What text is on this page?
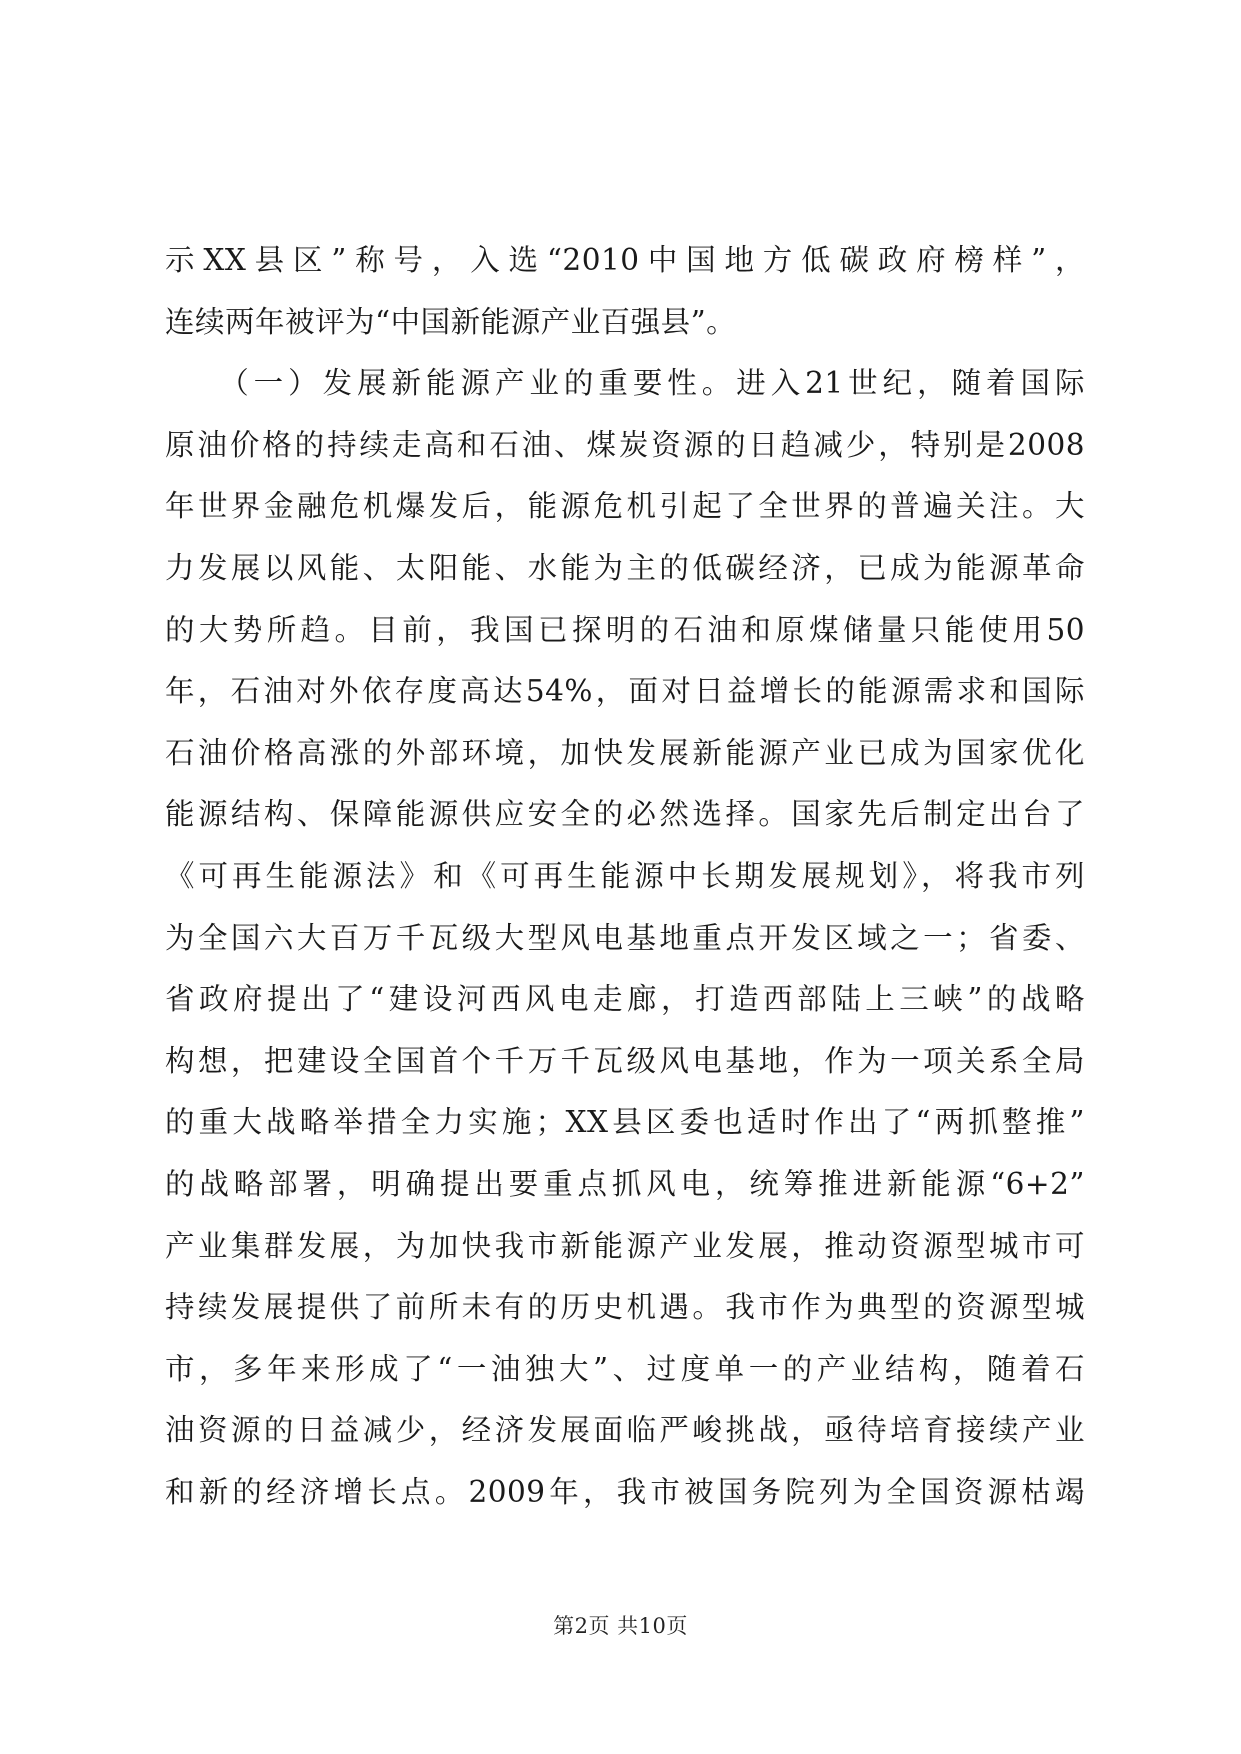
示XX县区”称号，入选“2010中国地方低碳政府榜样”，
连续两年被评为“中国新能源产业百强县”。
　　（一）发展新能源产业的重要性。进入21世纪，随着国际
原油价格的持续走高和石油、煤炭资源的日趋减少，特别是2008
年世界金融危机爆发后，能源危机引起了全世界的普遍关注。大
力发展以风能、太阳能、水能为主的低碳经济，已成为能源革命
的大势所趋。目前，我国已探明的石油和原煤储量只能使用50
年，石油对外依存度高达54%，面对日益增长的能源需求和国际
石油价格高涨的外部环境，加快发展新能源产业已成为国家优化
能源结构、保障能源供应安全的必然选择。国家先后制定出台了
《可再生能源法》和《可再生能源中长期发展规划》，将我市列
为全国六大百万千瓦级大型风电基地重点开发区域之一；省委、
省政府提出了“建设河西风电走廊，打造西部陆上三峡”的战略
构想，把建设全国首个千万千瓦级风电基地，作为一项关系全局
的重大战略举措全力实施；XX县区委也适时作出了“两抓整推”
的战略部署，明确提出要重点抓风电，统筹推进新能源“6+2”
产业集群发展，为加快我市新能源产业发展，推动资源型城市可
持续发展提供了前所未有的历史机遇。我市作为典型的资源型城
市，多年来形成了“一油独大”、过度单一的产业结构，随着石
油资源的日益减少，经济发展面临严峻挑战，亟待培育接续产业
和新的经济增长点。2009年，我市被国务院列为全国资源枯竭
第2页 共10页
